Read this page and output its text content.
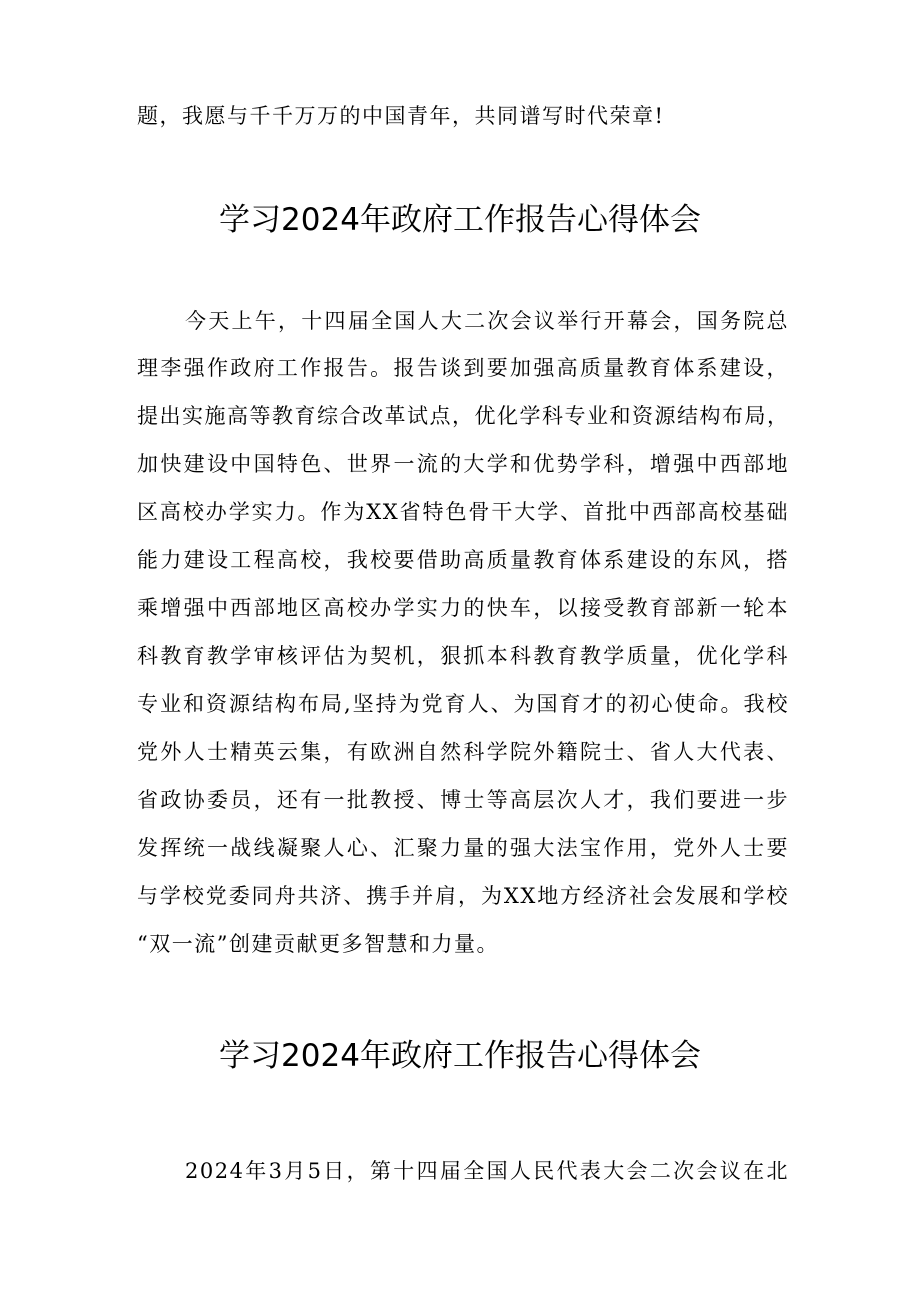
题，我愿与千千万万的中国青年，共同谱写时代荣章!
学习2024年政府工作报告心得体会
今天上午，十四届全国人大二次会议举行开幕会，国务院总
理李强作政府工作报告。报告谈到要加强高质量教育体系建设，
提出实施高等教育综合改革试点，优化学科专业和资源结构布局，
加快建设中国特色、世界一流的大学和优势学科，增强中西部地
区高校办学实力。作为XX省特色骨干大学、首批中西部高校基础
能力建设工程高校，我校要借助高质量教育体系建设的东风，搭
乘增强中西部地区高校办学实力的快车，以接受教育部新一轮本
科教育教学审核评估为契机，狠抓本科教育教学质量，优化学科
专业和资源结构布局,坚持为党育人、为国育才的初心使命。我校
党外人士精英云集，有欧洲自然科学院外籍院士、省人大代表、
省政协委员，还有一批教授、博士等高层次人才，我们要进一步
发挥统一战线凝聚人心、汇聚力量的强大法宝作用，党外人士要
与学校党委同舟共济、携手并肩，为XX地方经济社会发展和学校
“双一流”创建贡献更多智慧和力量。
学习2024年政府工作报告心得体会
2024年3月5日，第十四届全国人民代表大会二次会议在北
